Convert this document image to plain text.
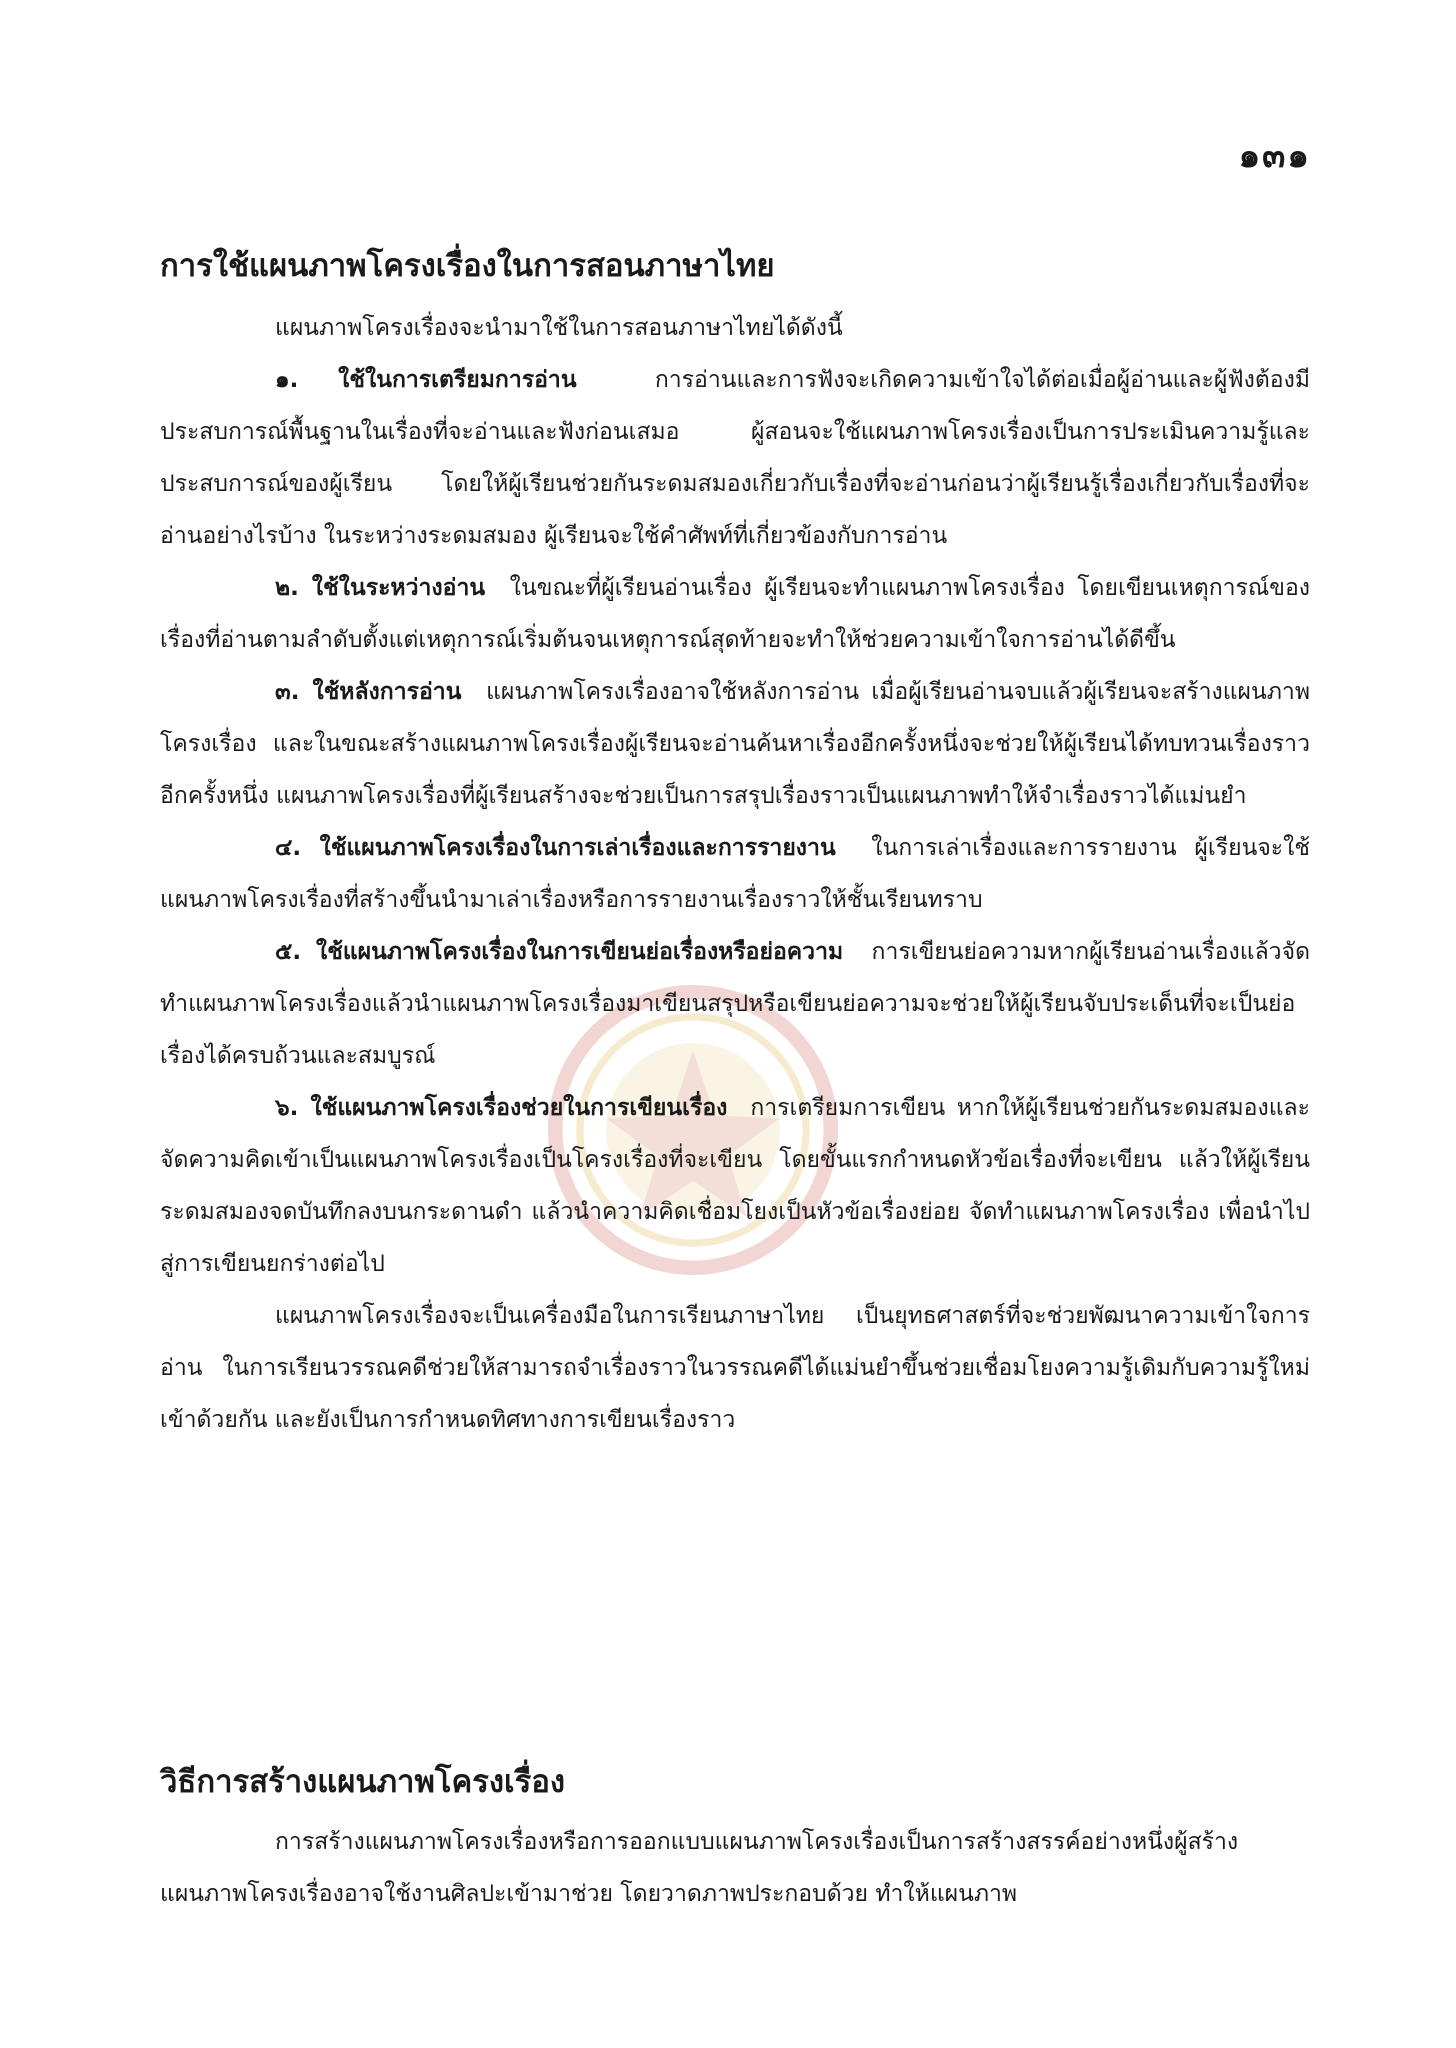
๑๓๑
การใช้แผนภาพโครงเรื่องในการสอนภาษาไทย

แผนภาพโครงเรื่องจะนำมาใช้ในการสอนภาษาไทยได้ดังนี้

๑. ใช้ในการเตรียมการอ่าน	การอ่านและการฟังจะเกิดความเข้าใจได้ต่อเมื่อผู้อ่านและผู้ฟังต้องมีประสบการณ์พื้นฐานในเรื่องที่จะอ่านและฟังก่อนเสมอ ผู้สอนจะใช้แผนภาพโครงเรื่องเป็นการประเมินความรู้และประสบการณ์ของผู้เรียน โดยให้ผู้เรียนช่วยกันระดมสมองเกี่ยวกับเรื่องที่จะอ่านก่อนว่าผู้เรียนรู้เรื่องเกี่ยวกับเรื่องที่จะอ่านอย่างไรบ้าง ในระหว่างระดมสมอง ผู้เรียนจะใช้คำศัพท์ที่เกี่ยวข้องกับการอ่าน

๒. ใช้ในระหว่างอ่าน ในขณะที่ผู้เรียนอ่านเรื่อง ผู้เรียนจะทำแผนภาพโครงเรื่อง โดยเขียนเหตุการณ์ของเรื่องที่อ่านตามลำดับตั้งแต่เหตุการณ์เริ่มต้นจนเหตุการณ์สุดท้ายจะทำให้ช่วยความเข้าใจการอ่านได้ดีขึ้น

๓. ใช้หลังการอ่าน แผนภาพโครงเรื่องอาจใช้หลังการอ่าน เมื่อผู้เรียนอ่านจบแล้วผู้เรียนจะสร้างแผนภาพโครงเรื่อง และในขณะสร้างแผนภาพโครงเรื่องผู้เรียนจะอ่านค้นหาเรื่องอีกครั้งหนึ่งจะช่วยให้ผู้เรียนได้ทบทวนเรื่องราวอีกครั้งหนึ่ง แผนภาพโครงเรื่องที่ผู้เรียนสร้างจะช่วยเป็นการสรุปเรื่องราวเป็นแผนภาพทำให้จำเรื่องราวได้แม่นยำ

๔. ใช้แผนภาพโครงเรื่องในการเล่าเรื่องและการรายงาน ในการเล่าเรื่องและการรายงาน ผู้เรียนจะใช้แผนภาพโครงเรื่องที่สร้างขึ้นนำมาเล่าเรื่องหรือการรายงานเรื่องราวให้ชั้นเรียนทราบ

๕. ใช้แผนภาพโครงเรื่องในการเขียนย่อเรื่องหรือย่อความ การเขียนย่อความหากผู้เรียนอ่านเรื่องแล้วจัดทำแผนภาพโครงเรื่องแล้วนำแผนภาพโครงเรื่องมาเขียนสรุปหรือเขียนย่อความจะช่วยให้ผู้เรียนจับประเด็นที่จะเป็นย่อเรื่องได้ครบถ้วนและสมบูรณ์

๖. ใช้แผนภาพโครงเรื่องช่วยในการเขียนเรื่อง การเตรียมการเขียน หากให้ผู้เรียนช่วยกันระดมสมองและจัดความคิดเข้าเป็นแผนภาพโครงเรื่องเป็นโครงเรื่องที่จะเขียน โดยขั้นแรกกำหนดหัวข้อเรื่องที่จะเขียน แล้วให้ผู้เรียนระดมสมองจดบันทึกลงบนกระดานดำ แล้วนำความคิดเชื่อมโยงเป็นหัวข้อเรื่องย่อย จัดทำแผนภาพโครงเรื่อง เพื่อนำไปสู่การเขียนยกร่างต่อไป

แผนภาพโครงเรื่องจะเป็นเครื่องมือในการเรียนภาษาไทย เป็นยุทธศาสตร์ที่จะช่วยพัฒนาความเข้าใจการอ่าน ในการเรียนวรรณคดีช่วยให้สามารถจำเรื่องราวในวรรณคดีได้แม่นยำขึ้นช่วยเชื่อมโยงความรู้เดิมกับความรู้ใหม่เข้าด้วยกัน และยังเป็นการกำหนดทิศทางการเขียนเรื่องราว

วิธีการสร้างแผนภาพโครงเรื่อง

การสร้างแผนภาพโครงเรื่องหรือการออกแบบแผนภาพโครงเรื่องเป็นการสร้างสรรค์อย่างหนึ่งผู้สร้างแผนภาพโครงเรื่องอาจใช้งานศิลปะเข้ามาช่วย โดยวาดภาพประกอบด้วย ทำให้แผนภาพ
